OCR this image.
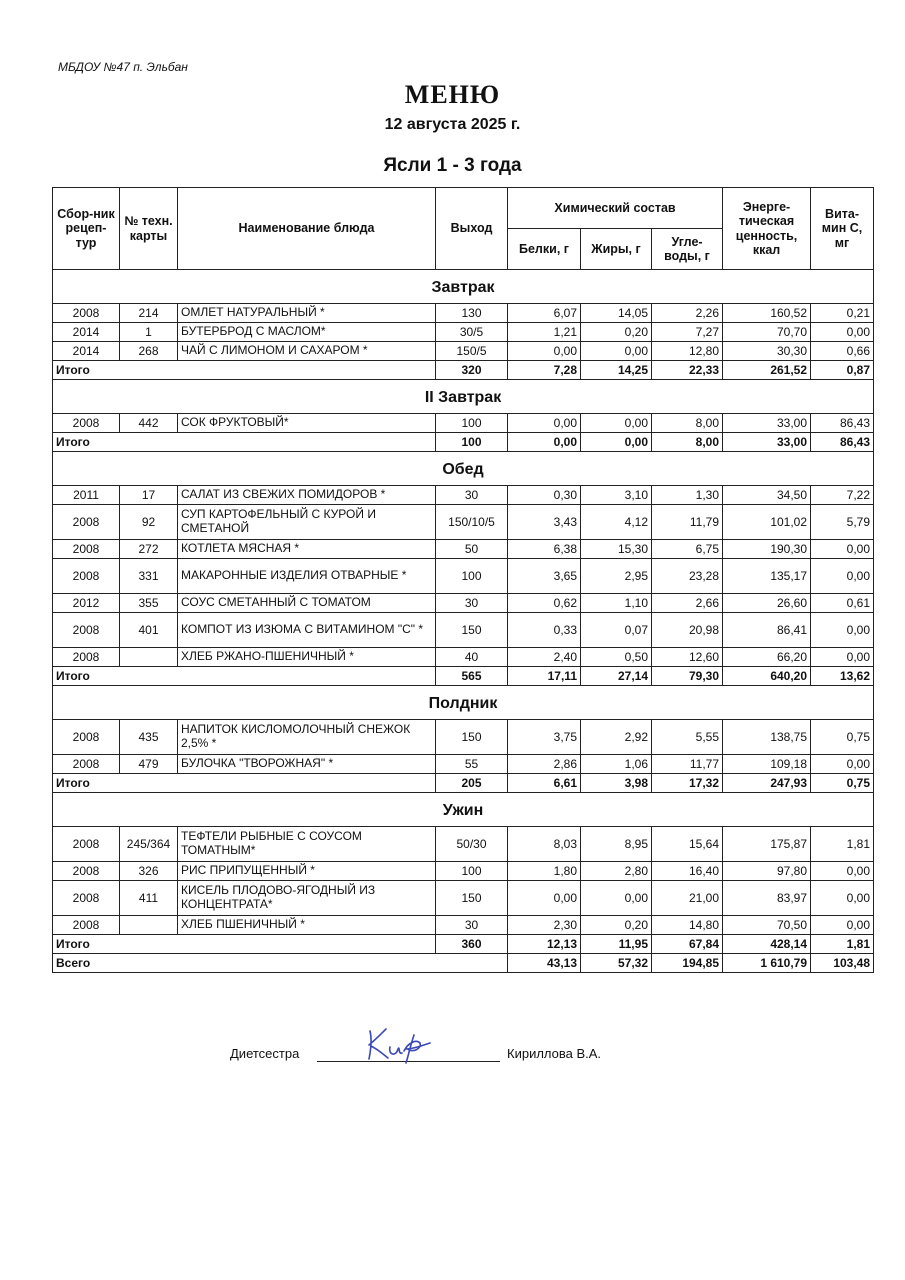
МБДОУ №47 п. Эльбан
МЕНЮ
12 августа 2025 г.
Ясли 1 - 3 года
Сбор-ник рецеп-тур	№ техн. карты	Наименование блюда	Выход	Химический состав			Энерге-тическая ценность, ккал	Вита-мин С, мг
				Белки, г	Жиры, г	Угле-воды, г		
Завтрак								
2008	214	ОМЛЕТ НАТУРАЛЬНЫЙ *	130	6,07	14,05	2,26	160,52	0,21
2014	1	БУТЕРБРОД С МАСЛОМ*	30/5	1,21	0,20	7,27	70,70	0,00
2014	268	ЧАЙ С ЛИМОНОМ И САХАРОМ *	150/5	0,00	0,00	12,80	30,30	0,66
Итого			320	7,28	14,25	22,33	261,52	0,87
II Завтрак								
2008	442	СОК ФРУКТОВЫЙ*	100	0,00	0,00	8,00	33,00	86,43
Итого			100	0,00	0,00	8,00	33,00	86,43
Обед								
2011	17	САЛАТ ИЗ СВЕЖИХ ПОМИДОРОВ *	30	0,30	3,10	1,30	34,50	7,22
2008	92	СУП КАРТОФЕЛЬНЫЙ С КУРОЙ И СМЕТАНОЙ	150/10/5	3,43	4,12	11,79	101,02	5,79
2008	272	КОТЛЕТА МЯСНАЯ *	50	6,38	15,30	6,75	190,30	0,00
2008	331	МАКАРОННЫЕ ИЗДЕЛИЯ ОТВАРНЫЕ *	100	3,65	2,95	23,28	135,17	0,00
2012	355	СОУС СМЕТАННЫЙ С ТОМАТОМ	30	0,62	1,10	2,66	26,60	0,61
2008	401	КОМПОТ ИЗ ИЗЮМА С ВИТАМИНОМ "С" *	150	0,33	0,07	20,98	86,41	0,00
2008		ХЛЕБ РЖАНО-ПШЕНИЧНЫЙ *	40	2,40	0,50	12,60	66,20	0,00
Итого			565	17,11	27,14	79,30	640,20	13,62
Полдник								
2008	435	НАПИТОК КИСЛОМОЛОЧНЫЙ СНЕЖОК 2,5% *	150	3,75	2,92	5,55	138,75	0,75
2008	479	БУЛОЧКА "ТВОРОЖНАЯ" *	55	2,86	1,06	11,77	109,18	0,00
Итого			205	6,61	3,98	17,32	247,93	0,75
Ужин								
2008	245/364	ТЕФТЕЛИ РЫБНЫЕ С СОУСОМ ТОМАТНЫМ*	50/30	8,03	8,95	15,64	175,87	1,81
2008	326	РИС ПРИПУЩЕННЫЙ *	100	1,80	2,80	16,40	97,80	0,00
2008	411	КИСЕЛЬ ПЛОДОВО-ЯГОДНЫЙ ИЗ КОНЦЕНТРАТА*	150	0,00	0,00	21,00	83,97	0,00
2008		ХЛЕБ ПШЕНИЧНЫЙ *	30	2,30	0,20	14,80	70,50	0,00
Итого			360	12,13	11,95	67,84	428,14	1,81
Всего				43,13	57,32	194,85	1 610,79	103,48
Диетсестра	Кириллова В.А.
